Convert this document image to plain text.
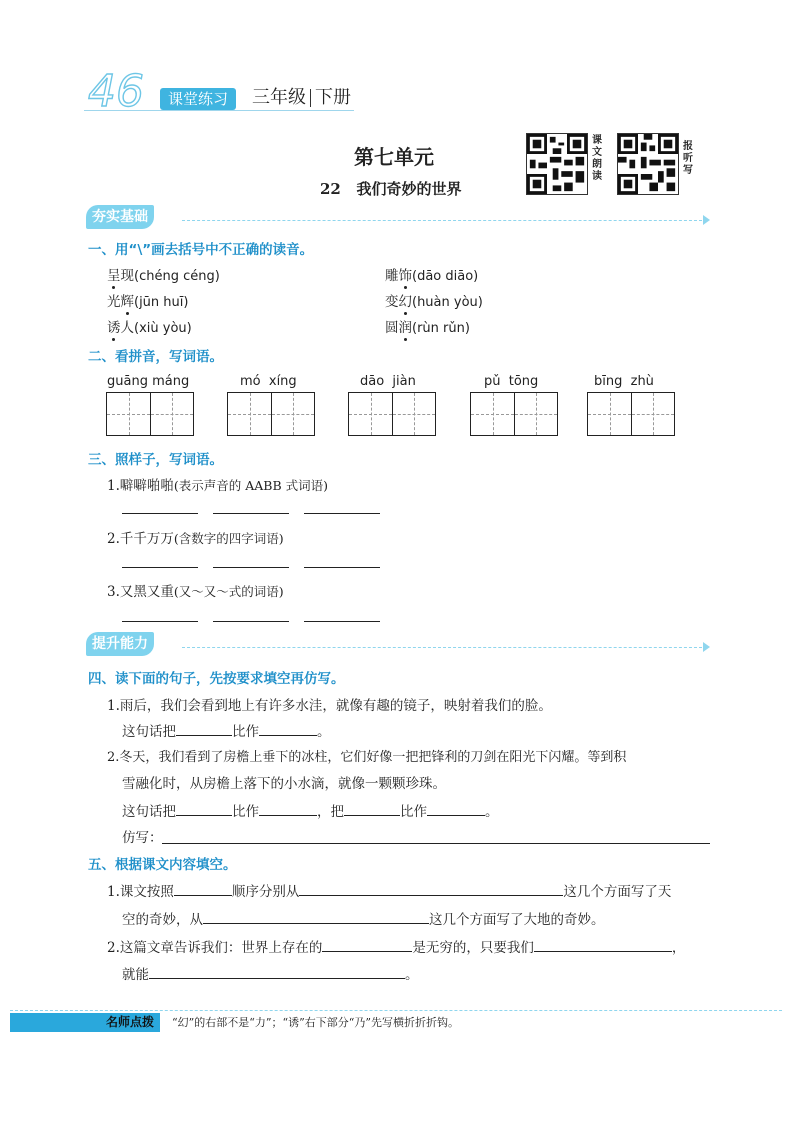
46	课堂练习	三年级 下册
第七单元
22 我们奇妙的世界
课文朗读
报听写
夯实基础
一、用“\”画去括号中不正确的读音。
呈现(chéng céng)	雕饰(dāo diāo)
光辉(jūn huī)	变幻(huàn yòu)
诱人(xiù yòu)	圆润(rùn rǔn)
二、看拼音，写词语。
guāng máng	mó  xíng	dāo  jiàn	pǔ  tōng	bīng  zhù
三、照样子，写词语。
1.噼噼啪啪(表示声音的 AABB 式词语)
2.千千万万(含数字的四字词语)
3.又黑又重(又～又～式的词语)
提升能力
四、读下面的句子，先按要求填空再仿写。
1.雨后，我们会看到地上有许多水洼，就像有趣的镜子，映射着我们的脸。
这句话把	比作	。
2.冬天，我们看到了房檐上垂下的冰柱，它们好像一把把锋利的刀剑在阳光下闪耀。等到积
雪融化时，从房檐上落下的小水滴，就像一颗颗珍珠。
这句话把	比作	，把	比作	。
仿写：
五、根据课文内容填空。
1.课文按照	顺序分别从	这几个方面写了天
空的奇妙，从	这几个方面写了大地的奇妙。
2.这篇文章告诉我们：世界上存在的	是无穷的，只要我们	，
就能	。
名师点拨 “幻”的右部不是“力”；“诱”右下部分“乃”先写横折折折钩。
